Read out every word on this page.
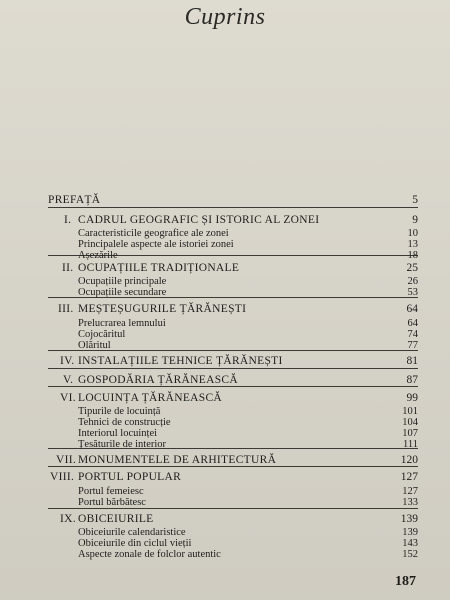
Cuprins
PREFAȚĂ	5
I. CADRUL GEOGRAFIC ȘI ISTORIC AL ZONEI	9
Caracteristicile geografice ale zonei	10
Principalele aspecte ale istoriei zonei	13
Așezările	18
II. OCUPAȚIILE TRADIȚIONALE	25
Ocupațiile principale	26
Ocupațiile secundare	53
III. MEȘTEȘUGURILE ȚĂRĂNEȘTI	64
Prelucrarea lemnului	64
Cojocăritul	74
Olăritul	77
IV. INSTALAȚIILE TEHNICE ȚĂRĂNEȘTI	81
V. GOSPODĂRIA ȚĂRĂNEASCĂ	87
VI. LOCUINȚA ȚĂRĂNEASCĂ	99
Tipurile de locuință	101
Tehnici de construcție	104
Interiorul locuinței	107
Țesăturile de interior	111
VII. MONUMENTELE DE ARHITECTURĂ	120
VIII. PORTUL POPULAR	127
Portul femeiesc	127
Portul bărbătesc	133
IX. OBICEIURILE	139
Obiceiurile calendaristice	139
Obiceiurile din ciclul vieții	143
Aspecte zonale de folclor autentic	152
187
